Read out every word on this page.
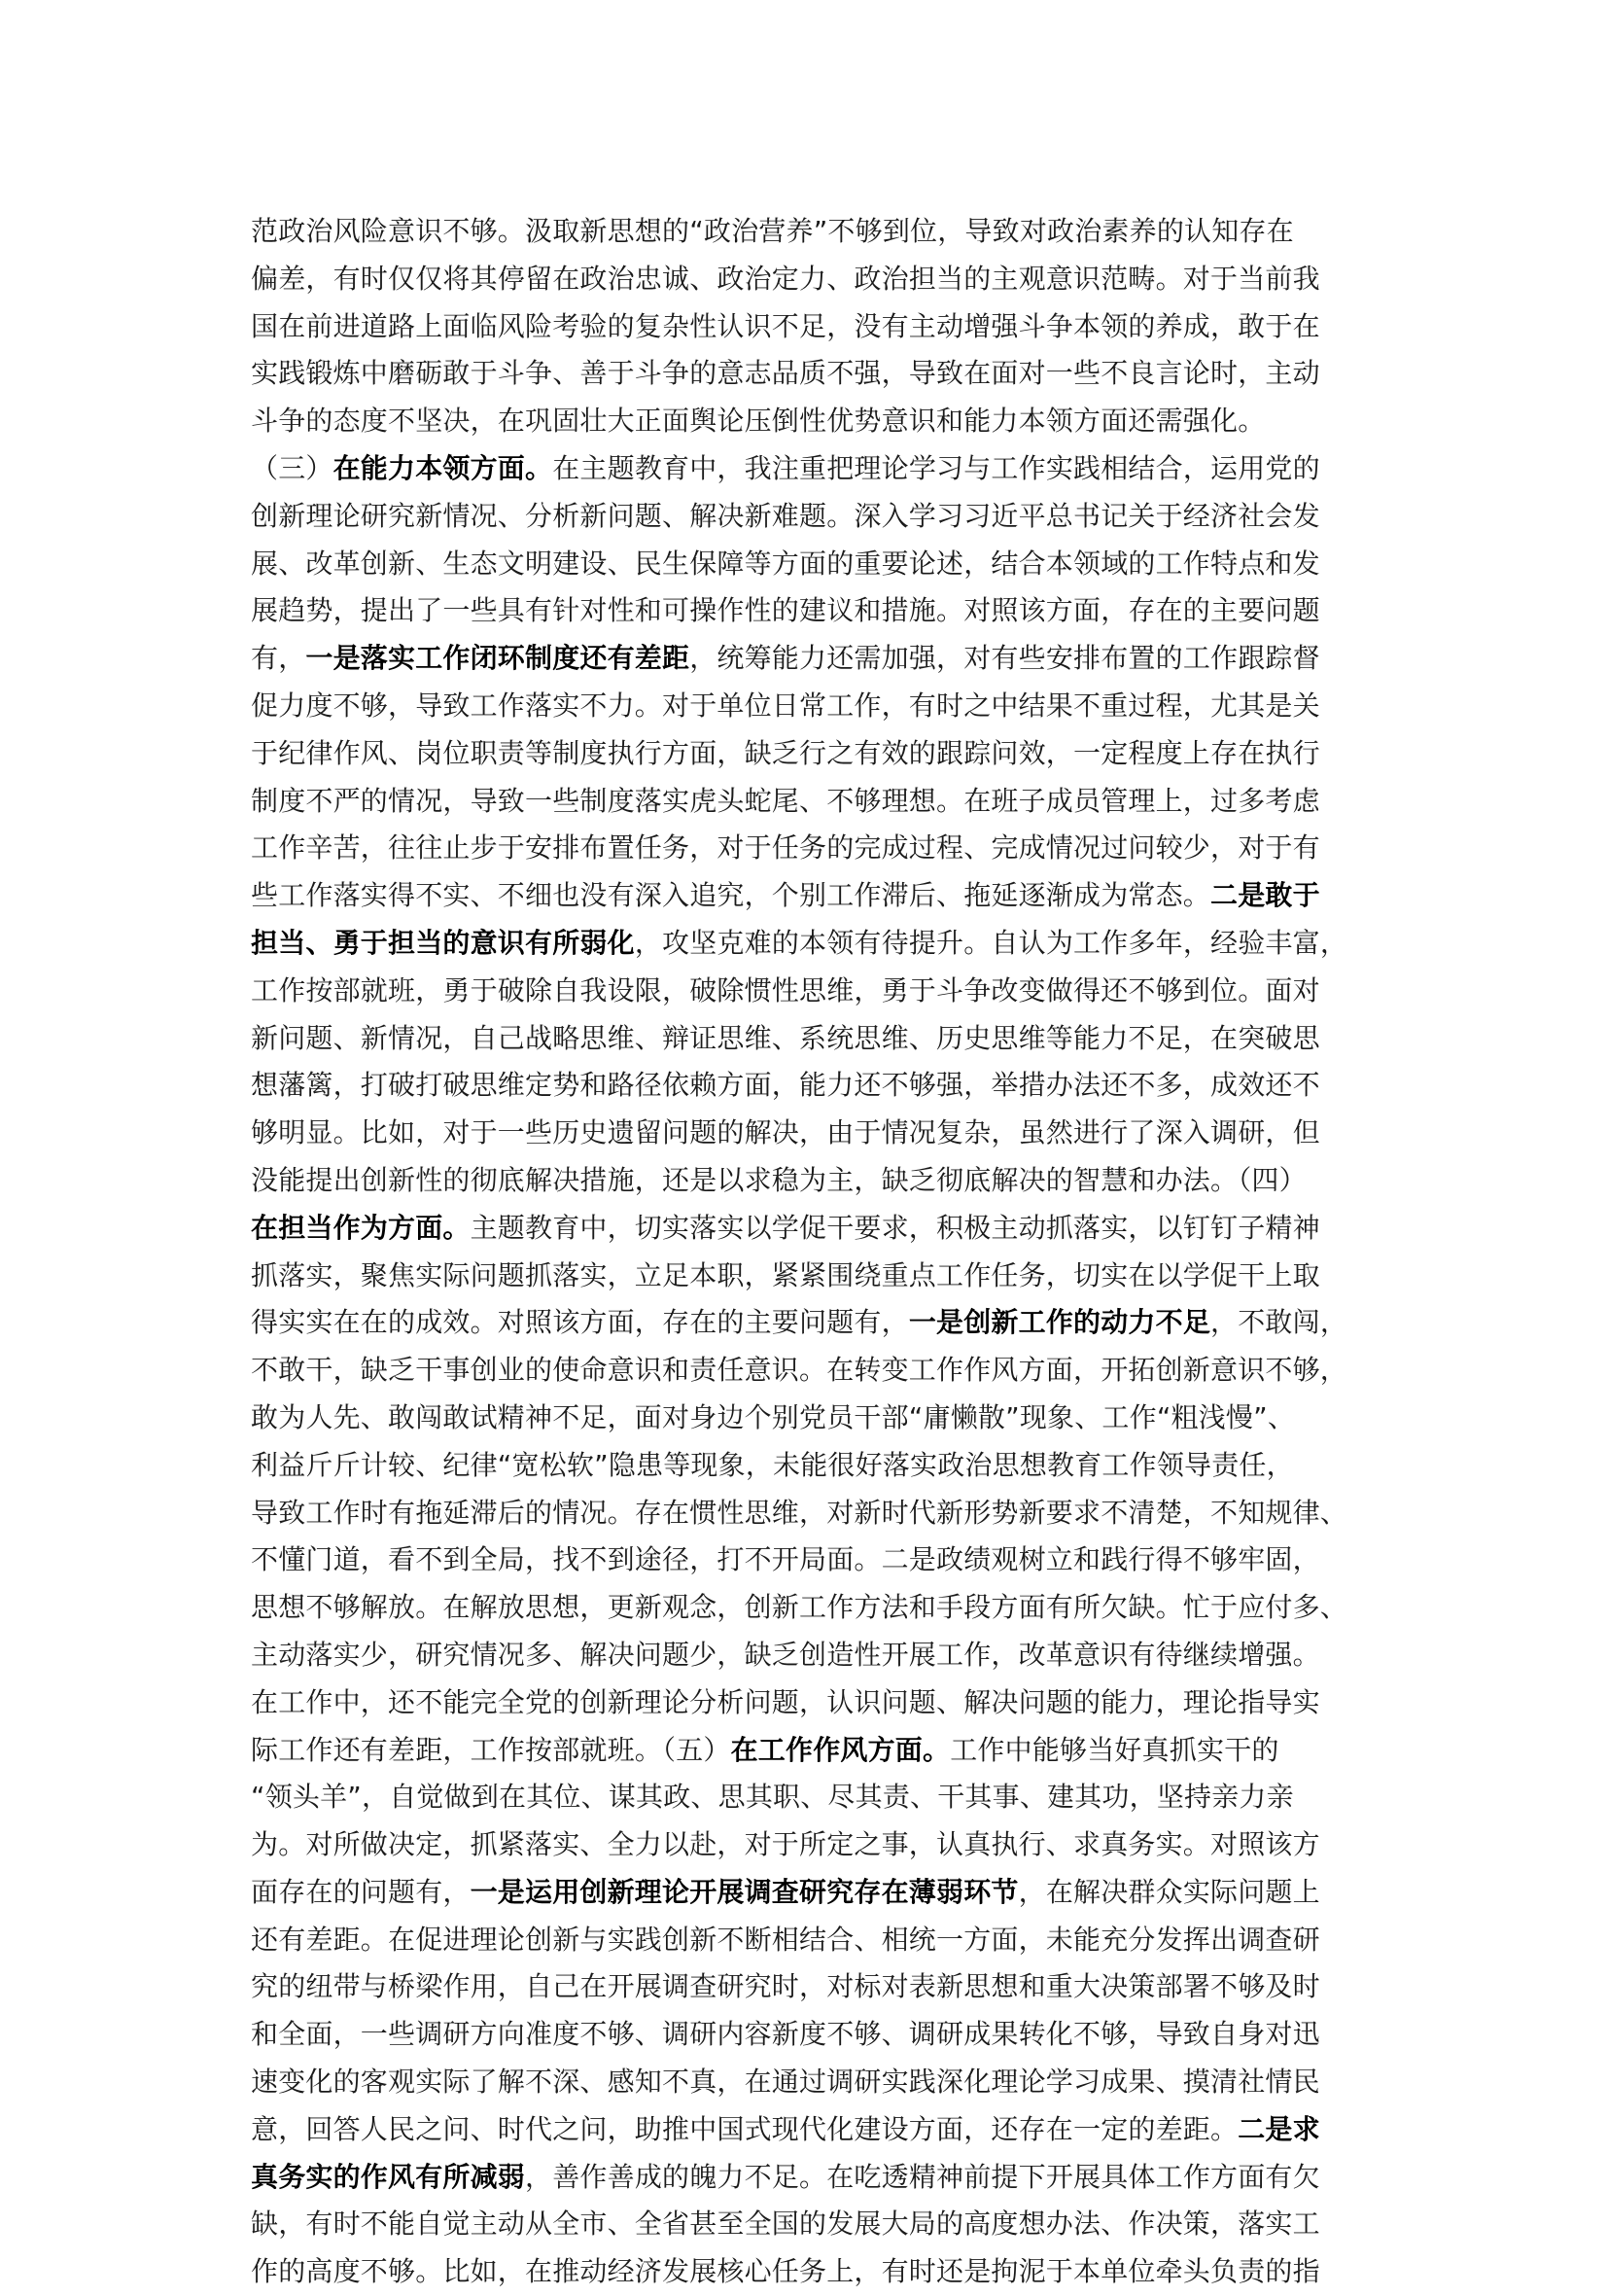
范政治风险意识不够。汲取新思想的“政治营养”不够到位，导致对政治素养的认知存在
偏差，有时仅仅将其停留在政治忠诚、政治定力、政治担当的主观意识范畴。对于当前我
国在前进道路上面临风险考验的复杂性认识不足，没有主动增强斗争本领的养成，敢于在
实践锻炼中磨砺敢于斗争、善于斗争的意志品质不强，导致在面对一些不良言论时，主动
斗争的态度不坚决，在巩固壮大正面舆论压倒性优势意识和能力本领方面还需强化。
（三）在能力本领方面。在主题教育中，我注重把理论学习与工作实践相结合，运用党的
创新理论研究新情况、分析新问题、解决新难题。深入学习习近平总书记关于经济社会发
展、改革创新、生态文明建设、民生保障等方面的重要论述，结合本领域的工作特点和发
展趋势，提出了一些具有针对性和可操作性的建议和措施。对照该方面，存在的主要问题
有，一是落实工作闭环制度还有差距，统筹能力还需加强，对有些安排布置的工作跟踪督
促力度不够，导致工作落实不力。对于单位日常工作，有时之中结果不重过程，尤其是关
于纪律作风、岗位职责等制度执行方面，缺乏行之有效的跟踪问效，一定程度上存在执行
制度不严的情况，导致一些制度落实虎头蛇尾、不够理想。在班子成员管理上，过多考虑
工作辛苦，往往止步于安排布置任务，对于任务的完成过程、完成情况过问较少，对于有
些工作落实得不实、不细也没有深入追究，个别工作滞后、拖延逐渐成为常态。二是敢于
担当、勇于担当的意识有所弱化，攻坚克难的本领有待提升。自认为工作多年，经验丰富，
工作按部就班，勇于破除自我设限，破除惯性思维，勇于斗争改变做得还不够到位。面对
新问题、新情况，自己战略思维、辩证思维、系统思维、历史思维等能力不足，在突破思
想藩篱，打破打破思维定势和路径依赖方面，能力还不够强，举措办法还不多，成效还不
够明显。比如，对于一些历史遗留问题的解决，由于情况复杂，虽然进行了深入调研，但
没能提出创新性的彻底解决措施，还是以求稳为主，缺乏彻底解决的智慧和办法。（四）
在担当作为方面。主题教育中，切实落实以学促干要求，积极主动抓落实，以钉钉子精神
抓落实，聚焦实际问题抓落实，立足本职，紧紧围绕重点工作任务，切实在以学促干上取
得实实在在的成效。对照该方面，存在的主要问题有，一是创新工作的动力不足，不敢闯，
不敢干，缺乏干事创业的使命意识和责任意识。在转变工作作风方面，开拓创新意识不够，
敢为人先、敢闯敢试精神不足，面对身边个别党员干部“庸懒散”现象、工作“粗浅慢”、
利益斤斤计较、纪律“宽松软”隐患等现象，未能很好落实政治思想教育工作领导责任，
导致工作时有拖延滞后的情况。存在惯性思维，对新时代新形势新要求不清楚，不知规律、
不懂门道，看不到全局，找不到途径，打不开局面。二是政绩观树立和践行得不够牢固，
思想不够解放。在解放思想，更新观念，创新工作方法和手段方面有所欠缺。忙于应付多、
主动落实少，研究情况多、解决问题少，缺乏创造性开展工作，改革意识有待继续增强。
在工作中，还不能完全党的创新理论分析问题，认识问题、解决问题的能力，理论指导实
际工作还有差距，工作按部就班。（五）在工作作风方面。工作中能够当好真抓实干的
“领头羊”，自觉做到在其位、谋其政、思其职、尽其责、干其事、建其功，坚持亲力亲
为。对所做决定，抓紧落实、全力以赴，对于所定之事，认真执行、求真务实。对照该方
面存在的问题有，一是运用创新理论开展调查研究存在薄弱环节，在解决群众实际问题上
还有差距。在促进理论创新与实践创新不断相结合、相统一方面，未能充分发挥出调查研
究的纽带与桥梁作用，自己在开展调查研究时，对标对表新思想和重大决策部署不够及时
和全面，一些调研方向准度不够、调研内容新度不够、调研成果转化不够，导致自身对迅
速变化的客观实际了解不深、感知不真，在通过调研实践深化理论学习成果、摸清社情民
意，回答人民之问、时代之问，助推中国式现代化建设方面，还存在一定的差距。二是求
真务实的作风有所减弱，善作善成的魄力不足。在吃透精神前提下开展具体工作方面有欠
缺，有时不能自觉主动从全市、全省甚至全国的发展大局的高度想办法、作决策，落实工
作的高度不够。比如，在推动经济发展核心任务上，有时还是拘泥于本单位牵头负责的指
